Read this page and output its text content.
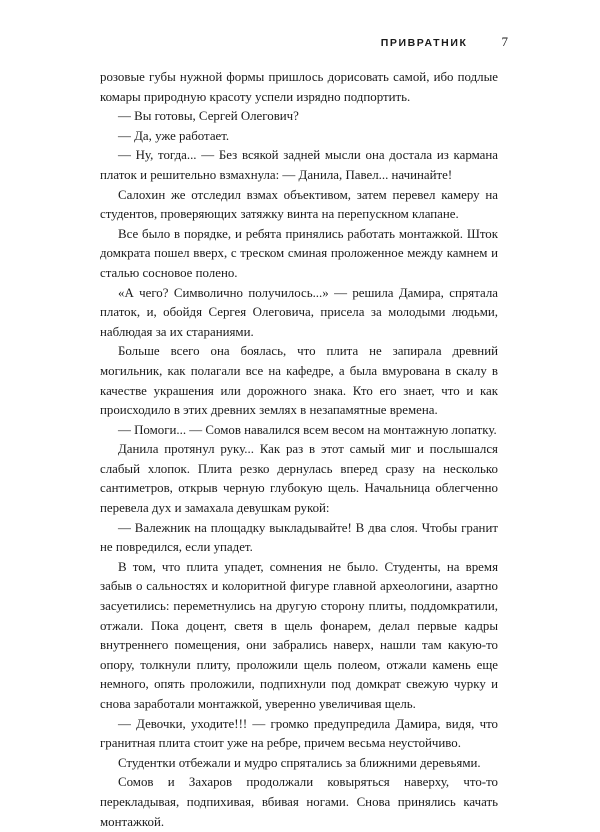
ПРИВРАТНИК	7

розовые губы нужной формы пришлось дорисовать самой, ибо подлые комары природную красоту успели изрядно подпортить.

— Вы готовы, Сергей Олегович?

— Да, уже работает.

— Ну, тогда... — Без всякой задней мысли она достала из кармана платок и решительно взмахнула: — Данила, Павел... начинайте!

Салохин же отследил взмах объективом, затем перевел камеру на студентов, проверяющих затяжку винта на перепускном клапане.

Все было в порядке, и ребята принялись работать монтажкой. Шток домкрата пошел вверх, с треском сминая проложенное между камнем и сталью сосновое полено.

«А чего? Символично получилось...» — решила Дамира, спрятала платок, и, обойдя Сергея Олеговича, присела за молодыми людьми, наблюдая за их стараниями.

Больше всего она боялась, что плита не запирала древний могильник, как полагали все на кафедре, а была вмурована в скалу в качестве украшения или дорожного знака. Кто его знает, что и как происходило в этих древних землях в незапамятные времена.

— Помоги... — Сомов навалился всем весом на монтажную лопатку.

Данила протянул руку... Как раз в этот самый миг и послышался слабый хлопок. Плита резко дернулась вперед сразу на несколько сантиметров, открыв черную глубокую щель. Начальница облегченно перевела дух и замахала девушкам рукой:

— Валежник на площадку выкладывайте! В два слоя. Чтобы гранит не повредился, если упадет.

В том, что плита упадет, сомнения не было. Студенты, на время забыв о сальностях и колоритной фигуре главной археологини, азартно засуетились: переметнулись на другую сторону плиты, поддомкратили, отжали. Пока доцент, светя в щель фонарем, делал первые кадры внутреннего помещения, они забрались наверх, нашли там какую-то опору, толкнули плиту, проложили щель полеом, отжали камень еще немного, опять проложили, подпихнули под домкрат свежую чурку и снова заработали монтажкой, уверенно увеличивая щель.

— Девочки, уходите!!! — громко предупредила Дамира, видя, что гранитная плита стоит уже на ребре, причем весьма неустойчиво.

Студентки отбежали и мудро спрятались за ближними деревьями.

Сомов и Захаров продолжали ковыряться наверху, что-то перекладывая, подпихивая, вбивая ногами. Снова принялись качать монтажкой.
